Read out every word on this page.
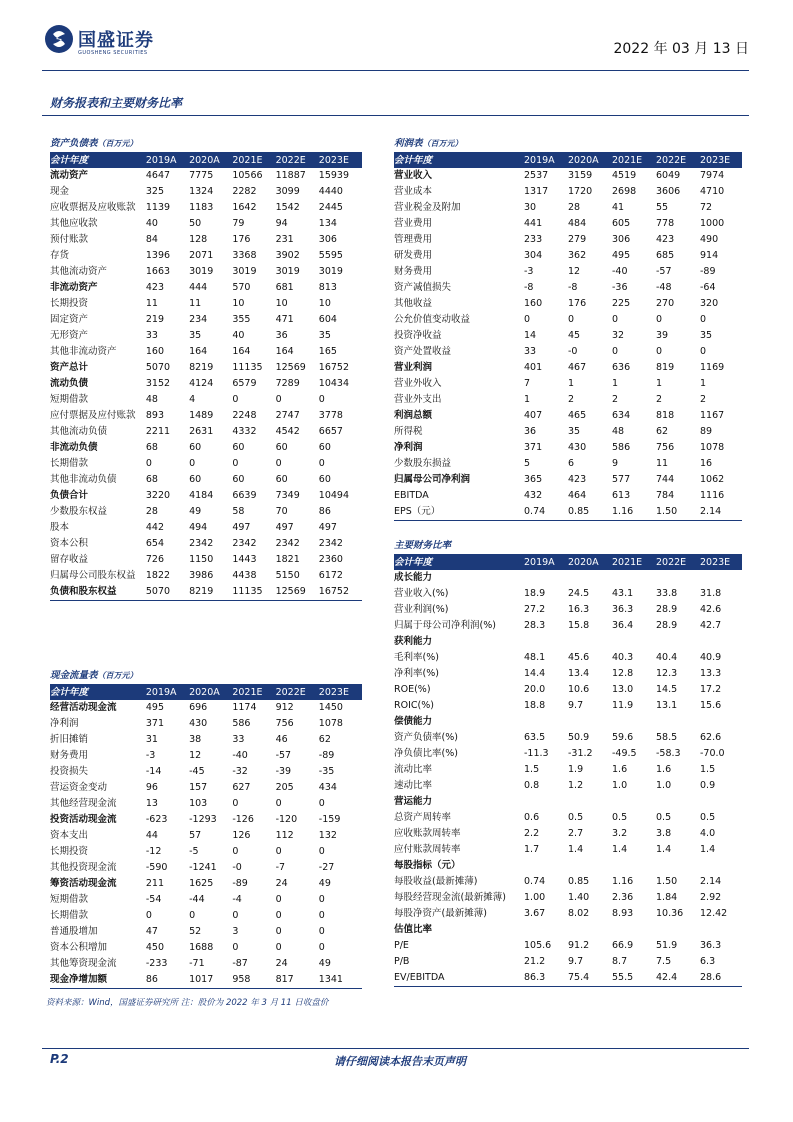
国盛证券
GUOSHENG SECURITIES	2022 年 03 月 13 日
财务报表和主要财务比率
资产负债表（百万元）
会计年度	2019A	2020A	2021E	2022E	2023E
流动资产	4647	7775	10566	11887	15939
现金	325	1324	2282	3099	4440
应收票据及应收账款	1139	1183	1642	1542	2445
其他应收款	40	50	79	94	134
预付账款	84	128	176	231	306
存货	1396	2071	3368	3902	5595
其他流动资产	1663	3019	3019	3019	3019
非流动资产	423	444	570	681	813
长期投资	11	11	10	10	10
固定资产	219	234	355	471	604
无形资产	33	35	40	36	35
其他非流动资产	160	164	164	164	165
资产总计	5070	8219	11135	12569	16752
流动负债	3152	4124	6579	7289	10434
短期借款	48	4	0	0	0
应付票据及应付账款	893	1489	2248	2747	3778
其他流动负债	2211	2631	4332	4542	6657
非流动负债	68	60	60	60	60
长期借款	0	0	0	0	0
其他非流动负债	68	60	60	60	60
负债合计	3220	4184	6639	7349	10494
少数股东权益	28	49	58	70	86
股本	442	494	497	497	497
资本公积	654	2342	2342	2342	2342
留存收益	726	1150	1443	1821	2360
归属母公司股东权益	1822	3986	4438	5150	6172
负债和股东权益	5070	8219	11135	12569	16752
利润表（百万元）
会计年度	2019A	2020A	2021E	2022E	2023E
营业收入	2537	3159	4519	6049	7974
营业成本	1317	1720	2698	3606	4710
营业税金及附加	30	28	41	55	72
营业费用	441	484	605	778	1000
管理费用	233	279	306	423	490
研发费用	304	362	495	685	914
财务费用	-3	12	-40	-57	-89
资产减值损失	-8	-8	-36	-48	-64
其他收益	160	176	225	270	320
公允价值变动收益	0	0	0	0	0
投资净收益	14	45	32	39	35
资产处置收益	33	-0	0	0	0
营业利润	401	467	636	819	1169
营业外收入	7	1	1	1	1
营业外支出	1	2	2	2	2
利润总额	407	465	634	818	1167
所得税	36	35	48	62	89
净利润	371	430	586	756	1078
少数股东损益	5	6	9	11	16
归属母公司净利润	365	423	577	744	1062
EBITDA	432	464	613	784	1116
EPS（元）	0.74	0.85	1.16	1.50	2.14
主要财务比率
会计年度	2019A	2020A	2021E	2022E	2023E
成长能力
营业收入(%)	18.9	24.5	43.1	33.8	31.8
营业利润(%)	27.2	16.3	36.3	28.9	42.6
归属于母公司净利润(%)	28.3	15.8	36.4	28.9	42.7
获利能力
毛利率(%)	48.1	45.6	40.3	40.4	40.9
净利率(%)	14.4	13.4	12.8	12.3	13.3
ROE(%)	20.0	10.6	13.0	14.5	17.2
ROIC(%)	18.8	9.7	11.9	13.1	15.6
偿债能力
资产负债率(%)	63.5	50.9	59.6	58.5	62.6
净负债比率(%)	-11.3	-31.2	-49.5	-58.3	-70.0
流动比率	1.5	1.9	1.6	1.6	1.5
速动比率	0.8	1.2	1.0	1.0	0.9
营运能力
总资产周转率	0.6	0.5	0.5	0.5	0.5
应收账款周转率	2.2	2.7	3.2	3.8	4.0
应付账款周转率	1.7	1.4	1.4	1.4	1.4
每股指标（元）
每股收益(最新摊薄)	0.74	0.85	1.16	1.50	2.14
每股经营现金流(最新摊薄)	1.00	1.40	2.36	1.84	2.92
每股净资产(最新摊薄)	3.67	8.02	8.93	10.36	12.42
估值比率
P/E	105.6	91.2	66.9	51.9	36.3
P/B	21.2	9.7	8.7	7.5	6.3
EV/EBITDA	86.3	75.4	55.5	42.4	28.6
现金流量表（百万元）
会计年度	2019A	2020A	2021E	2022E	2023E
经营活动现金流	495	696	1174	912	1450
净利润	371	430	586	756	1078
折旧摊销	31	38	33	46	62
财务费用	-3	12	-40	-57	-89
投资损失	-14	-45	-32	-39	-35
营运资金变动	96	157	627	205	434
其他经营现金流	13	103	0	0	0
投资活动现金流	-623	-1293	-126	-120	-159
资本支出	44	57	126	112	132
长期投资	-12	-5	0	0	0
其他投资现金流	-590	-1241	-0	-7	-27
筹资活动现金流	211	1625	-89	24	49
短期借款	-54	-44	-4	0	0
长期借款	0	0	0	0	0
普通股增加	47	52	3	0	0
资本公积增加	450	1688	0	0	0
其他筹资现金流	-233	-71	-87	24	49
现金净增加额	86	1017	958	817	1341
资料来源：Wind，国盛证券研究所 注：股价为 2022 年 3 月 11 日收盘价
P.2	请仔细阅读本报告末页声明
